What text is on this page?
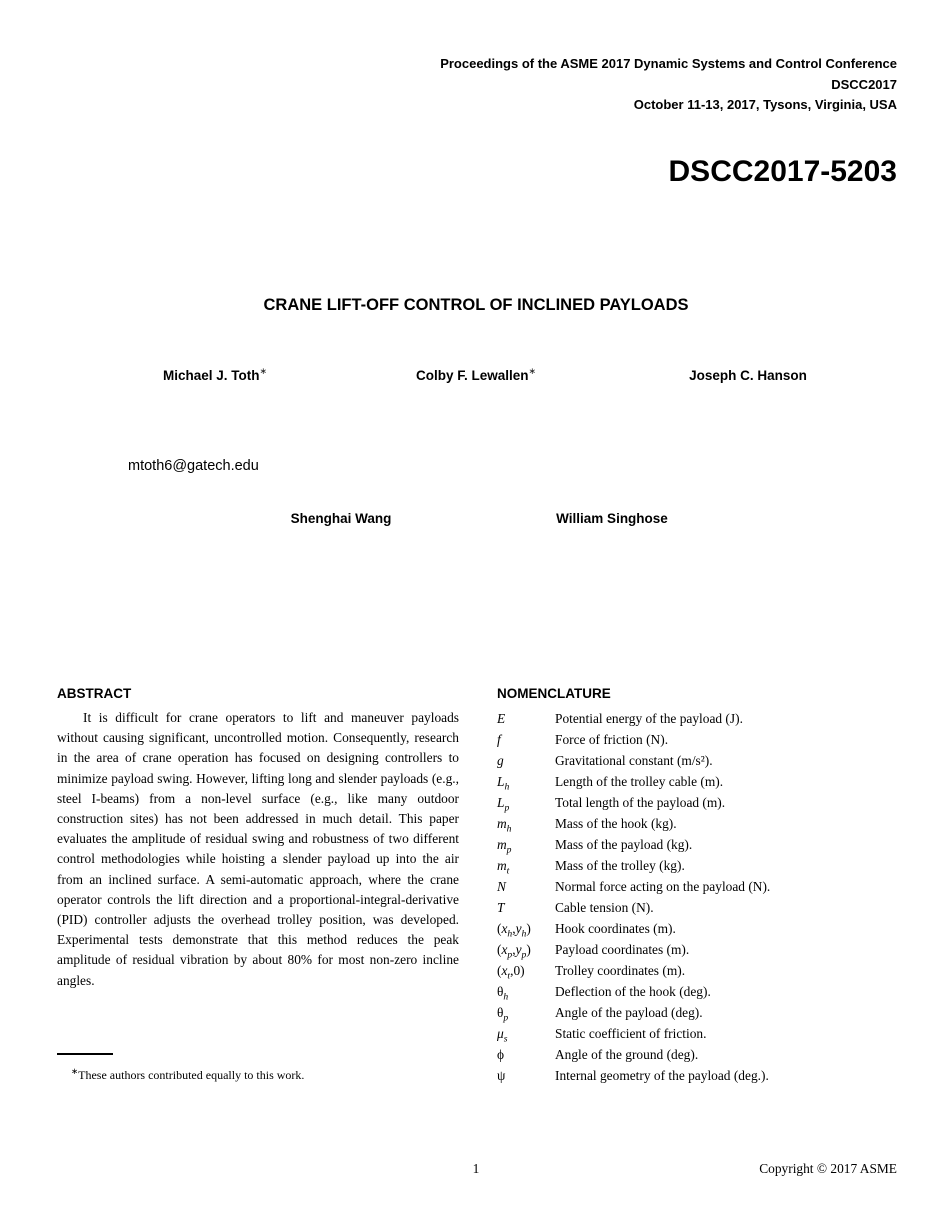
Proceedings of the ASME 2017 Dynamic Systems and Control Conference
DSCC2017
October 11-13, 2017, Tysons, Virginia, USA
DSCC2017-5203
CRANE LIFT-OFF CONTROL OF INCLINED PAYLOADS
Michael J. Toth∗	Colby F. Lewallen∗	Joseph C. Hanson
mtoth6@gatech.edu
Shenghai Wang	William Singhose
ABSTRACT

It is difficult for crane operators to lift and maneuver payloads without causing significant, uncontrolled motion. Consequently, research in the area of crane operation has focused on designing controllers to minimize payload swing. However, lifting long and slender payloads (e.g., steel I-beams) from a non-level surface (e.g., like many outdoor construction sites) has not been addressed in much detail. This paper evaluates the amplitude of residual swing and robustness of two different control methodologies while hoisting a slender payload up into the air from an inclined surface. A semi-automatic approach, where the crane operator controls the lift direction and a proportional-integral-derivative (PID) controller adjusts the overhead trolley position, was developed. Experimental tests demonstrate that this method reduces the peak amplitude of residual vibration by about 80% for most non-zero incline angles.

NOMENCLATURE
E	Potential energy of the payload (J).
f	Force of friction (N).
g	Gravitational constant (m/s²).
$L_h$	Length of the trolley cable (m).
$L_p$	Total length of the payload (m).
$m_h$	Mass of the hook (kg).
$m_p$	Mass of the payload (kg).
$m_t$	Mass of the trolley (kg).
N	Normal force acting on the payload (N).
T	Cable tension (N).
$(x_h,y_h)$	Hook coordinates (m).
$(x_p,y_p)$	Payload coordinates (m).
$(x_t,0)$	Trolley coordinates (m).
$\theta_h$	Deflection of the hook (deg).
$\theta_p$	Angle of the payload (deg).
$\mu_s$	Static coefficient of friction.
ϕ	Angle of the ground (deg).
ψ	Internal geometry of the payload (deg.).
∗These authors contributed equally to this work.
1	Copyright © 2017 ASME
